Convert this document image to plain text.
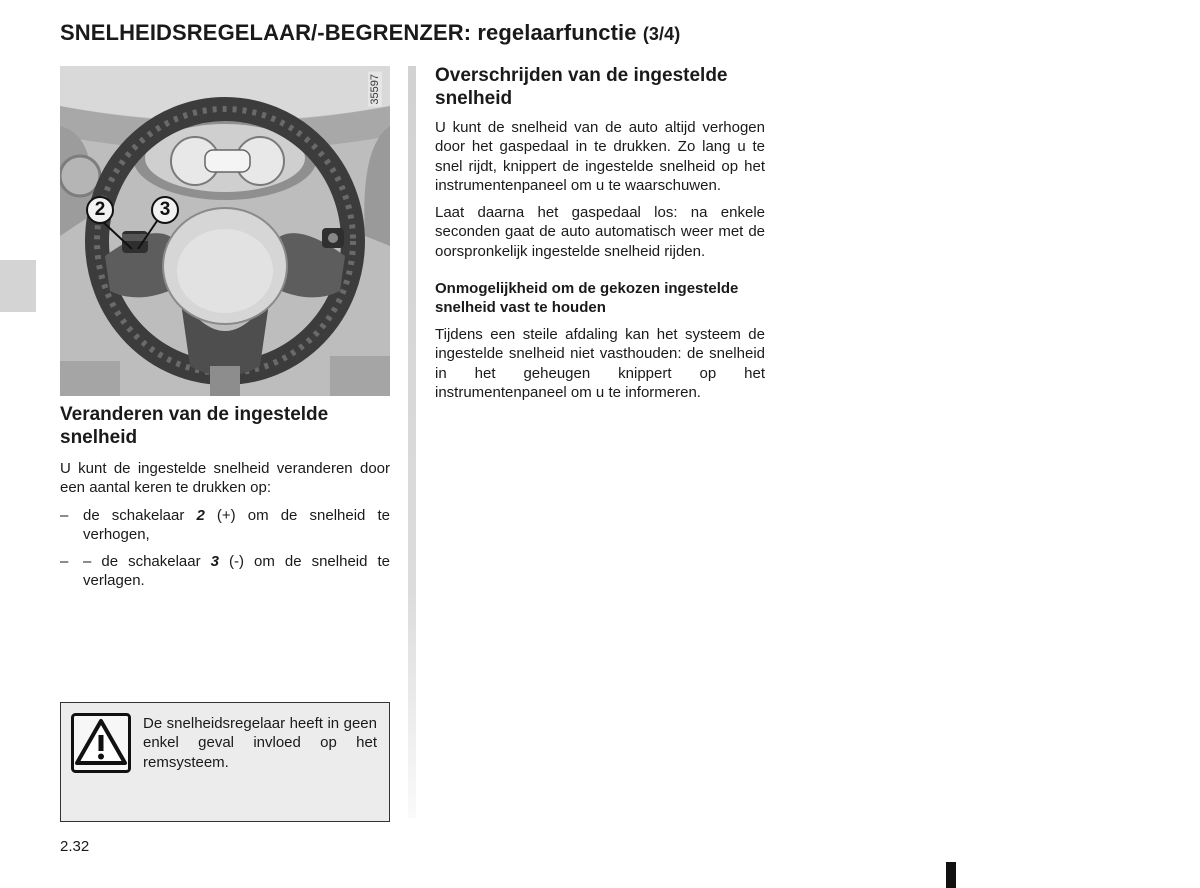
SNELHEIDSREGELAAR/-BEGRENZER: regelaarfunctie (3/4)
35597
2	3
Veranderen van de ingestelde snelheid

U kunt de ingestelde snelheid veranderen door een aantal keren te drukken op:

– de schakelaar 2 (+) om de snelheid te verhogen,
– – de schakelaar 3 (-) om de snelheid te verlagen.
Overschrijden van de ingestelde snelheid

U kunt de snelheid van de auto altijd verhogen door het gaspedaal in te drukken. Zo lang u te snel rijdt, knippert de ingestelde snelheid op het instrumentenpaneel om u te waarschuwen.

Laat daarna het gaspedaal los: na enkele seconden gaat de auto automatisch weer met de oorspronkelijk ingestelde snelheid rijden.

Onmogelijkheid om de gekozen ingestelde snelheid vast te houden

Tijdens een steile afdaling kan het systeem de ingestelde snelheid niet vasthouden: de snelheid in het geheugen knippert op het instrumentenpaneel om u te informeren.

De snelheidsregelaar heeft in geen enkel geval invloed op het remsysteem.

2.32
